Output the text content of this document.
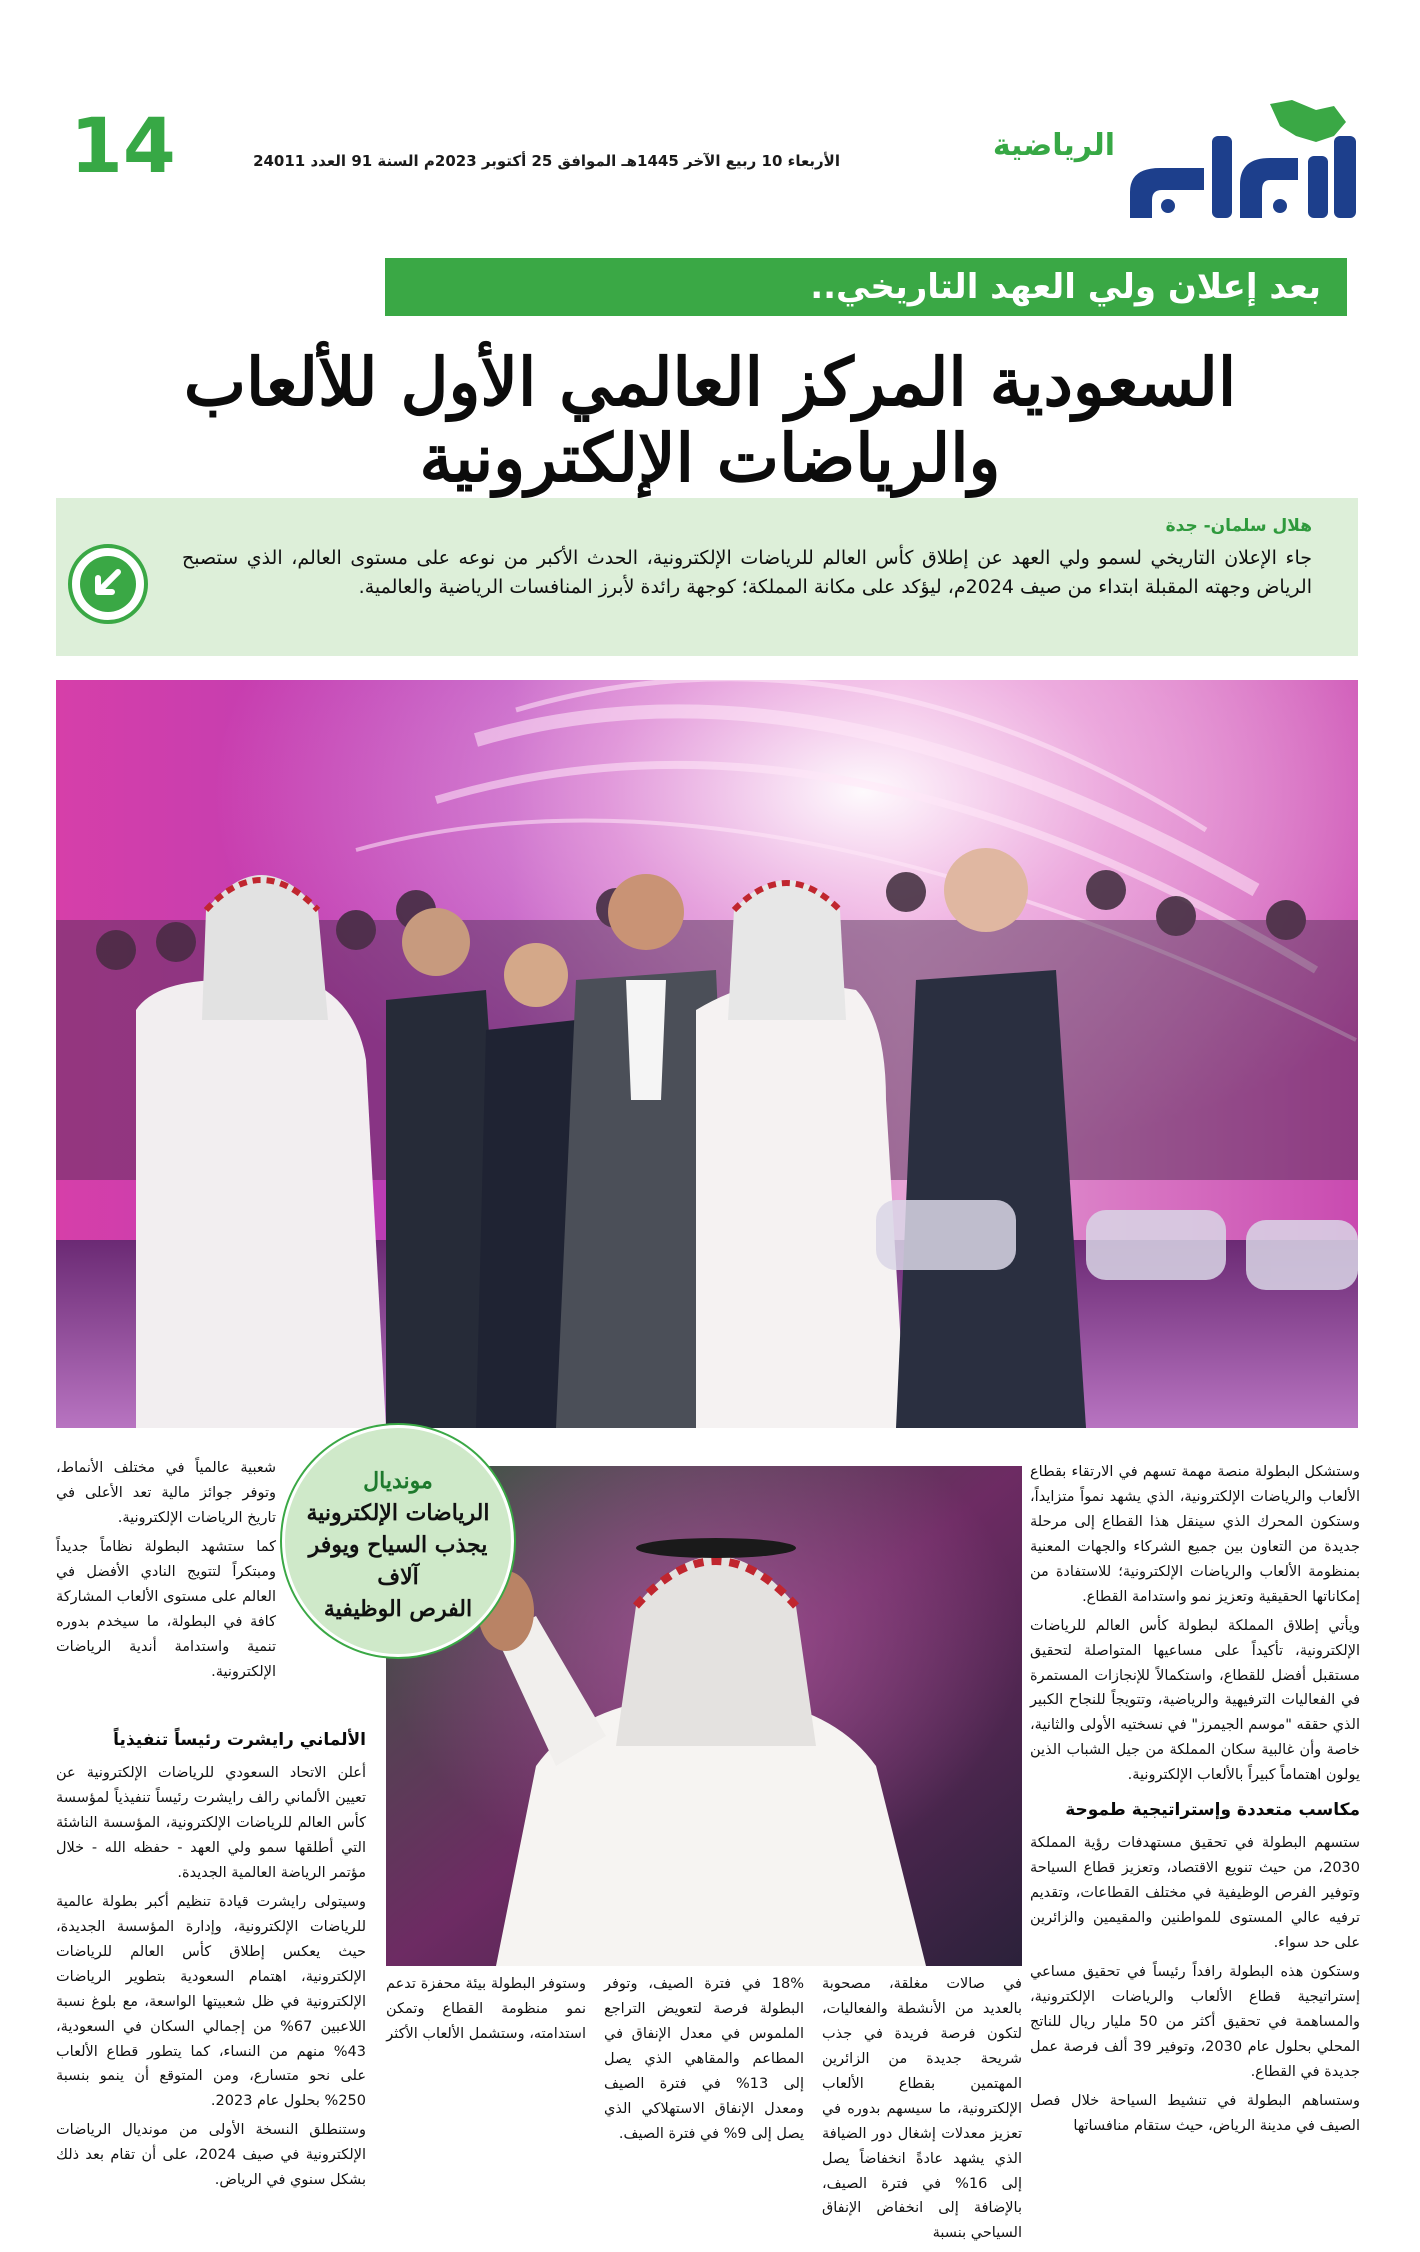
البلاد
الرياضية
الأربعاء 10 ربيع الآخر 1445هـ الموافق 25 أكتوبر 2023م السنة 91 العدد 24011
14
بعد إعلان ولي العهد التاريخي..
السعودية المركز العالمي الأول للألعاب والرياضات الإلكترونية
هلال سلمان- جدة

جاء الإعلان التاريخي لسمو ولي العهد عن إطلاق كأس العالم للرياضات الإلكترونية، الحدث الأكبر من نوعه على مستوى العالم، الذي ستصبح الرياض وجهته المقبلة ابتداء من صيف 2024م، ليؤكد على مكانة المملكة؛ كوجهة رائدة لأبرز المنافسات الرياضية والعالمية.

مونديال
الرياضات الإلكترونية
يجذب السياح ويوفر آلاف
الفرص الوظيفية

وستشكل البطولة منصة مهمة تسهم في الارتقاء بقطاع الألعاب والرياضات الإلكترونية، الذي يشهد نمواً متزايداً، وستكون المحرك الذي سينقل هذا القطاع إلى مرحلة جديدة من التعاون بين جميع الشركاء والجهات المعنية بمنظومة الألعاب والرياضات الإلكترونية؛ للاستفادة من إمكاناتها الحقيقية وتعزيز نمو واستدامة القطاع.

ويأتي إطلاق المملكة لبطولة كأس العالم للرياضات الإلكترونية، تأكيداً على مساعيها المتواصلة لتحقيق مستقبل أفضل للقطاع، واستكمالاً للإنجازات المستمرة في الفعاليات الترفيهية والرياضية، وتتويجاً للنجاح الكبير الذي حققه "موسم الجيمرز" في نسختيه الأولى والثانية، خاصة وأن غالبية سكان المملكة من جيل الشباب الذين يولون اهتماماً كبيراً بالألعاب الإلكترونية.

مكاسب متعددة وإستراتيجية طموحة

ستسهم البطولة في تحقيق مستهدفات رؤية المملكة 2030، من حيث تنويع الاقتصاد، وتعزيز قطاع السياحة وتوفير الفرص الوظيفية في مختلف القطاعات، وتقديم ترفيه عالي المستوى للمواطنين والمقيمين والزائرين على حد سواء.

وستكون هذه البطولة رافداً رئيساً في تحقيق مساعي إستراتيجية قطاع الألعاب والرياضات الإلكترونية، والمساهمة في تحقيق أكثر من 50 مليار ريال للناتج المحلي بحلول عام 2030، وتوفير 39 ألف فرصة عمل جديدة في القطاع.

وستساهم البطولة في تنشيط السياحة خلال فصل الصيف في مدينة الرياض، حيث ستقام منافساتها

شعبية عالمياً في مختلف الأنماط، وتوفر جوائز مالية تعد الأعلى في تاريخ الرياضات الإلكترونية.

كما ستشهد البطولة نظاماً جديداً ومبتكراً لتتويج النادي الأفضل في العالم على مستوى الألعاب المشاركة كافة في البطولة، ما سيخدم بدوره تنمية واستدامة أندية الرياضات الإلكترونية.

الألماني رايشرت رئيساً تنفيذياً

أعلن الاتحاد السعودي للرياضات الإلكترونية عن تعيين الألماني رالف رايشرت رئيساً تنفيذياً لمؤسسة كأس العالم للرياضات الإلكترونية، المؤسسة الناشئة التي أطلقها سمو ولي العهد - حفظه الله - خلال مؤتمر الرياضة العالمية الجديدة.

وسيتولى رايشرت قيادة تنظيم أكبر بطولة عالمية للرياضات الإلكترونية، وإدارة المؤسسة الجديدة، حيث يعكس إطلاق كأس العالم للرياضات الإلكترونية، اهتمام السعودية بتطوير الرياضات الإلكترونية في ظل شعبيتها الواسعة، مع بلوغ نسبة اللاعبين 67% من إجمالي السكان في السعودية، 43% منهم من النساء، كما يتطور قطاع الألعاب على نحو متسارع، ومن المتوقع أن ينمو بنسبة 250% بحلول عام 2023.

وستنطلق النسخة الأولى من مونديال الرياضات الإلكترونية في صيف 2024، على أن تقام بعد ذلك بشكل سنوي في الرياض.

في صالات مغلقة، مصحوبة بالعديد من الأنشطة والفعاليات، لتكون فرصة فريدة في جذب شريحة جديدة من الزائرين المهتمين بقطاع الألعاب الإلكترونية، ما سيسهم بدوره في تعزيز معدلات إشغال دور الضيافة الذي يشهد عادةً انخفاضاً يصل إلى 16% في فترة الصيف، بالإضافة إلى انخفاض الإنفاق السياحي بنسبة
18% في فترة الصيف، وتوفر البطولة فرصة لتعويض التراجع الملموس في معدل الإنفاق في المطاعم والمقاهي الذي يصل إلى 13% في فترة الصيف ومعدل الإنفاق الاستهلاكي الذي يصل إلى 9% في فترة الصيف.
وستوفر البطولة بيئة محفزة تدعم نمو منظومة القطاع وتمكن استدامته، وستشمل الألعاب الأكثر
